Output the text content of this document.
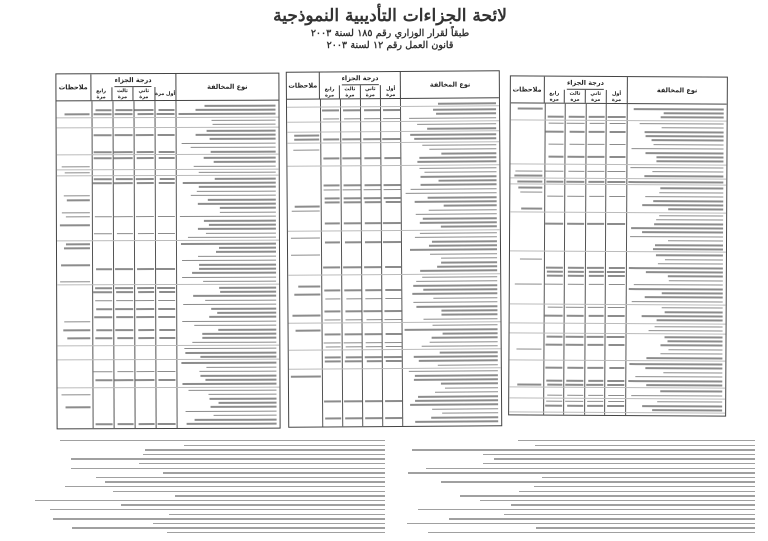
لائحة الجزاءات التأديبية النموذجية
طبقاً لقرار الوزاري رقم ١٨٥ لسنة ٢٠٠٣
قانون العمل رقم ١٢ لسنة ٢٠٠٣
نوع المخالفة
درجة الجزاء
أول مرة
ثاني مرة
ثالث مرة
رابع مرة
ملاحظات
نوع المخالفة
درجة الجزاء
أول مرة
ثاني مرة
ثالث مرة
رابع مرة
ملاحظات
نوع المخالفة
درجة الجزاء
أول مرة
ثاني مرة
ثالث مرة
رابع مرة
ملاحظات
